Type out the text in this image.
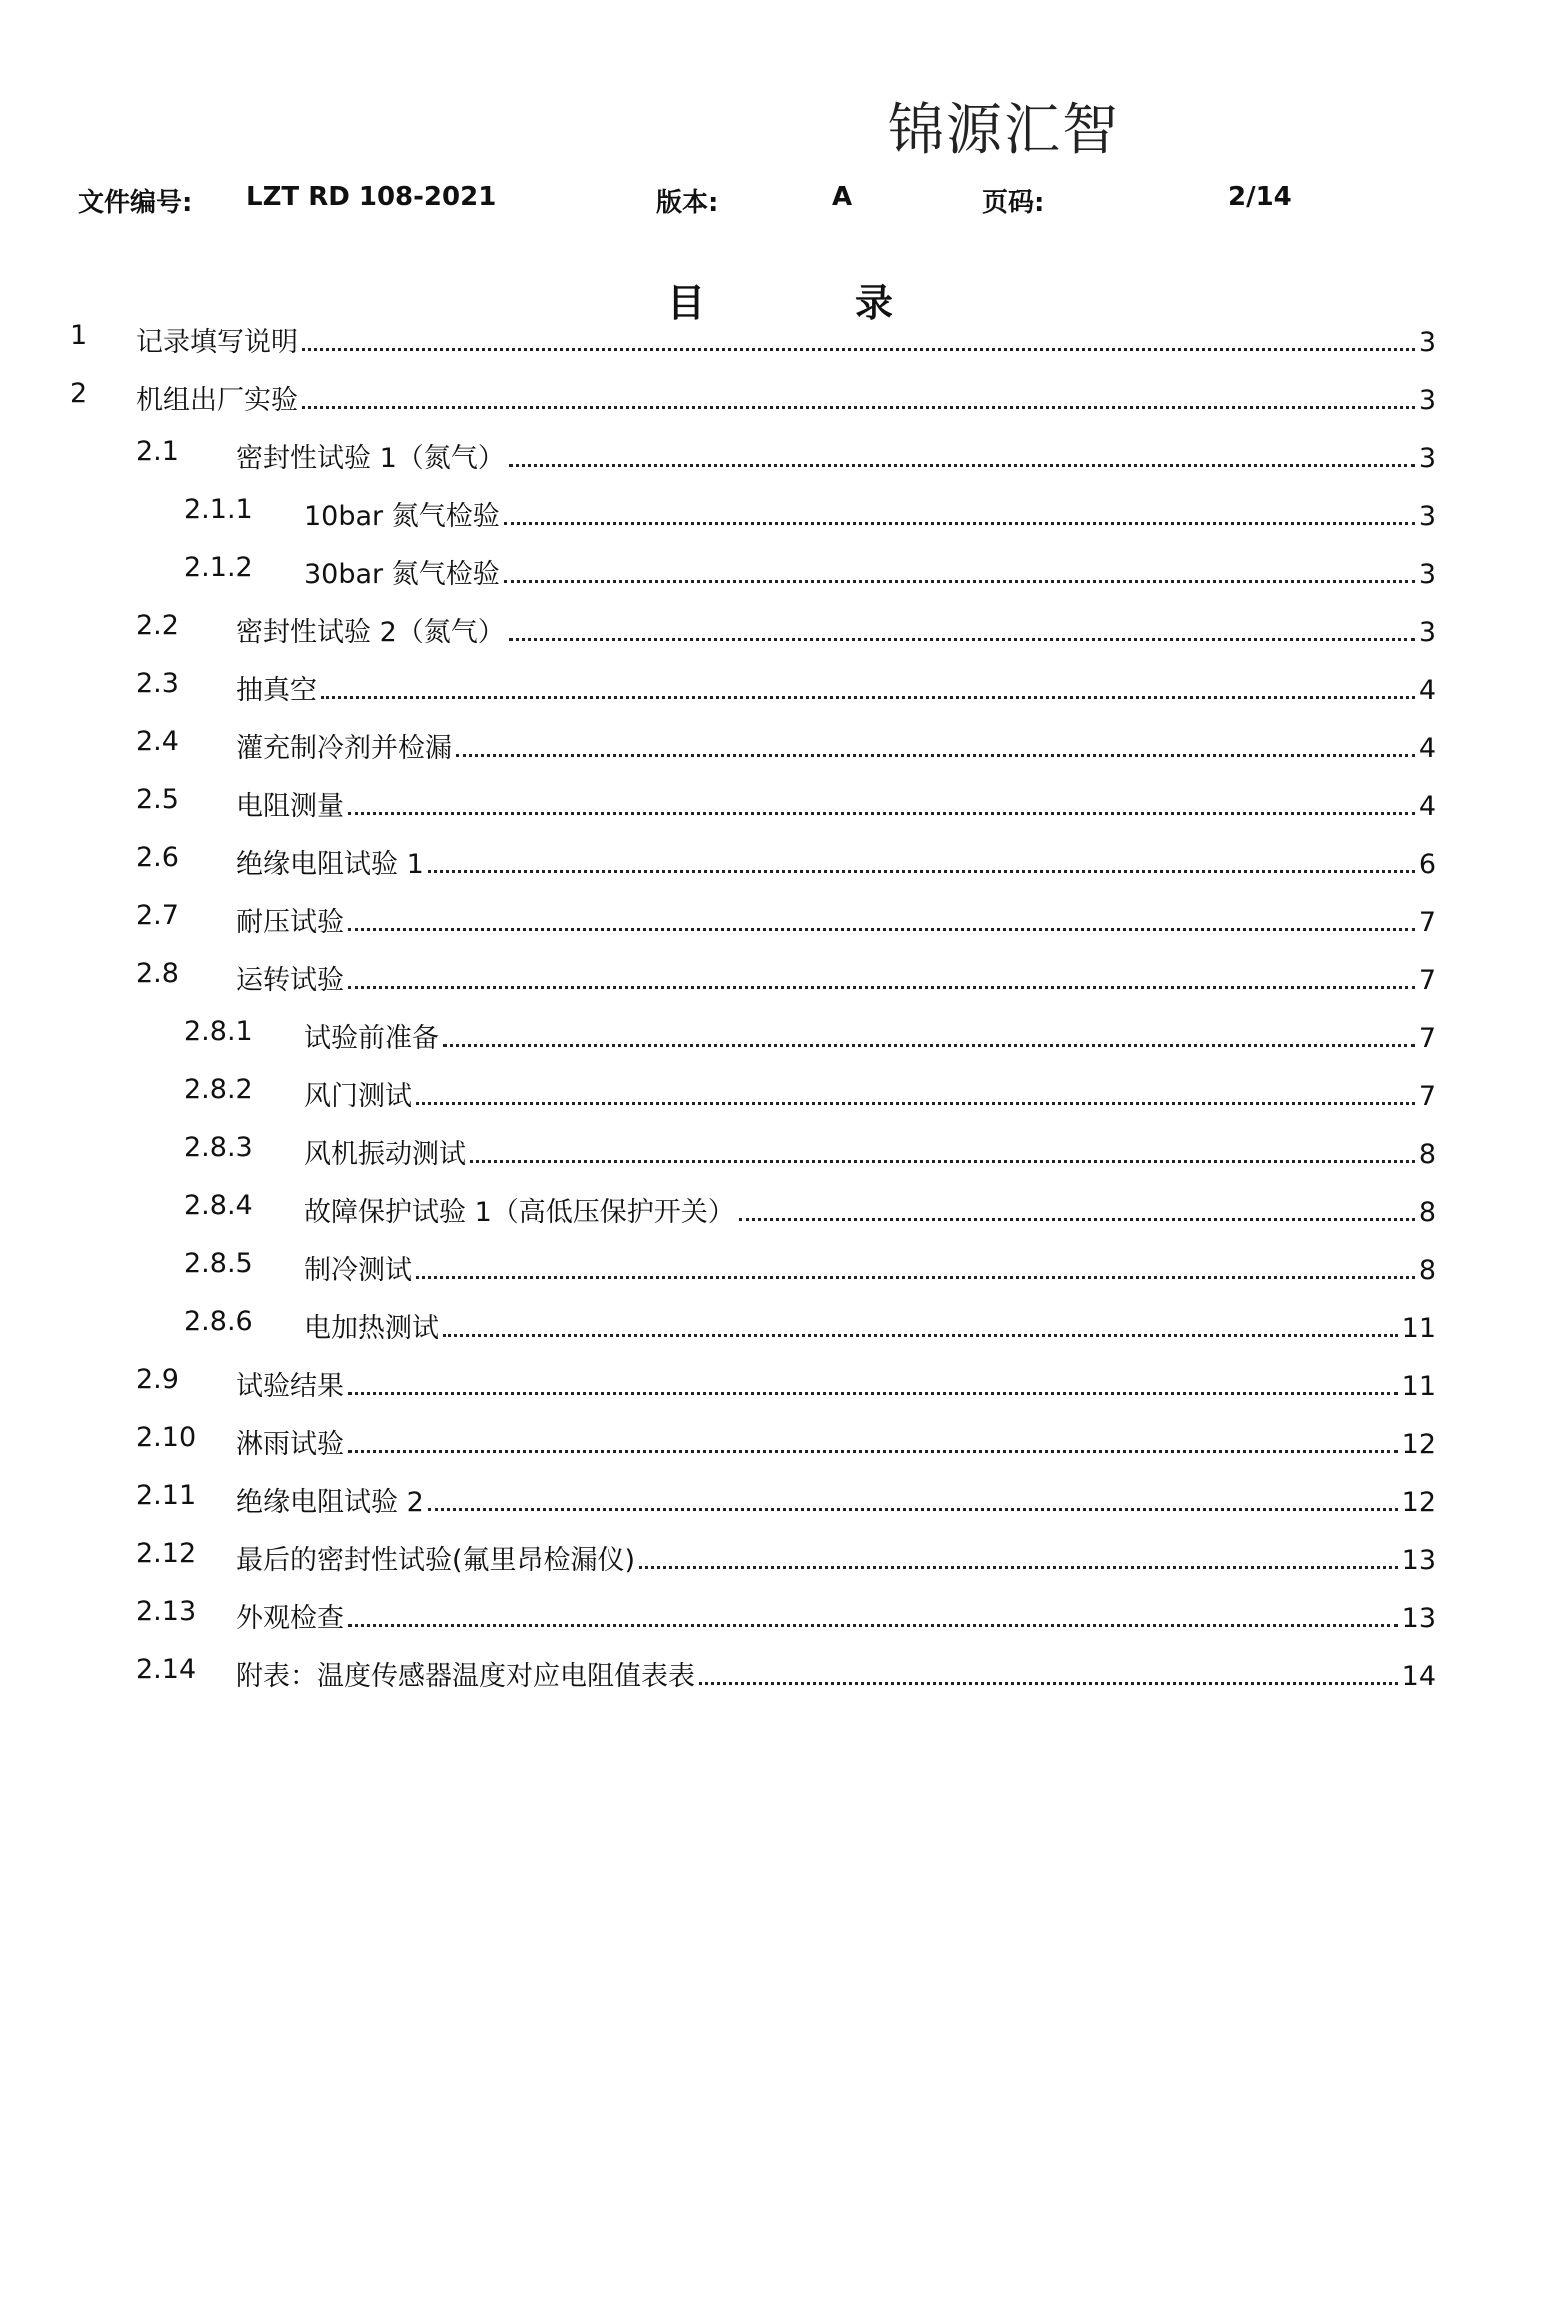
锦源汇智
文件编号: LZT RD 108-2021	版本:	A	页码:	2/14
目录
1 记录填写说明	3
2 机组出厂实验	3
2.1 密封性试验 1（氮气）	3
2.1.1 10bar 氮气检验	3
2.1.2 30bar 氮气检验	3
2.2 密封性试验 2（氮气）	3
2.3 抽真空	4
2.4 灌充制冷剂并检漏	4
2.5 电阻测量	4
2.6 绝缘电阻试验 1	6
2.7 耐压试验	7
2.8 运转试验	7
2.8.1 试验前准备	7
2.8.2 风门测试	7
2.8.3 风机振动测试	8
2.8.4 故障保护试验 1（高低压保护开关）	8
2.8.5 制冷测试	8
2.8.6 电加热测试	11
2.9 试验结果	11
2.10 淋雨试验	12
2.11 绝缘电阻试验 2	12
2.12 最后的密封性试验(氟里昂检漏仪)	13
2.13 外观检查	13
2.14 附表：温度传感器温度对应电阻值表表	14
